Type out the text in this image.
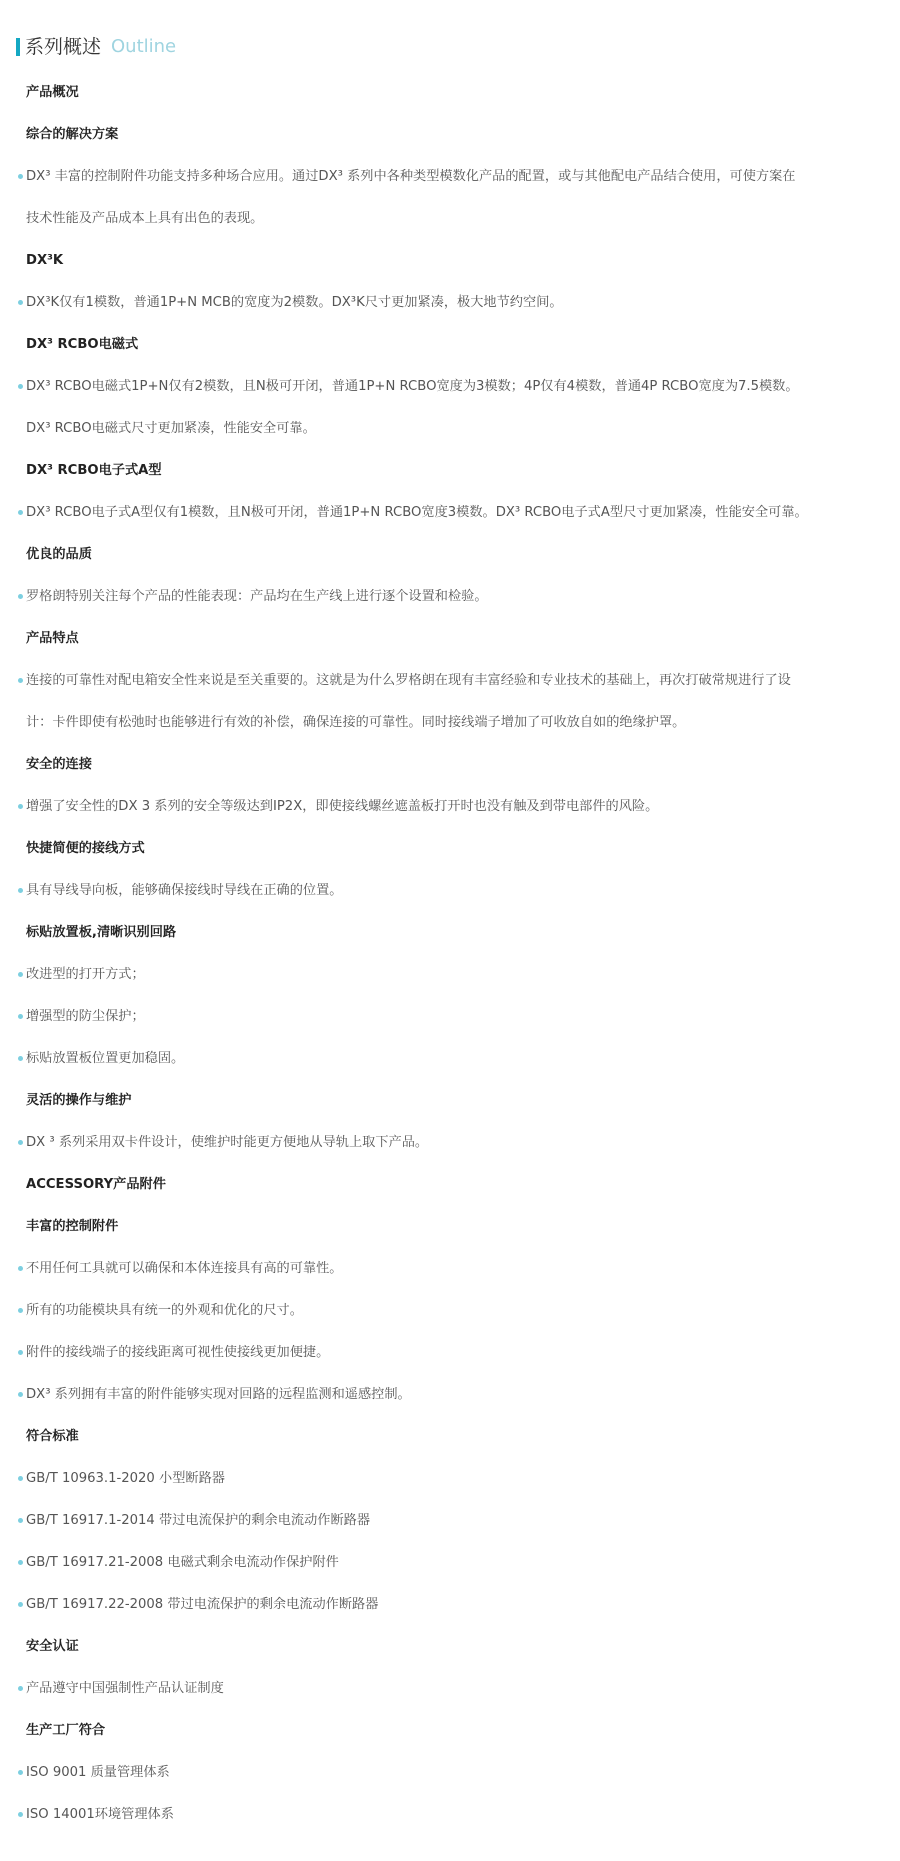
系列概述 Outline
产品概况
综合的解决方案
DX³ 丰富的控制附件功能支持多种场合应用。通过DX³ 系列中各种类型模数化产品的配置，或与其他配电产品结合使用，可使方案在
技术性能及产品成本上具有出色的表现。
DX³K
DX³K仅有1模数，普通1P+N MCB的宽度为2模数。DX³K尺寸更加紧凑，极大地节约空间。
DX³ RCBO电磁式
DX³ RCBO电磁式1P+N仅有2模数，且N极可开闭，普通1P+N RCBO宽度为3模数；4P仅有4模数，普通4P RCBO宽度为7.5模数。
DX³ RCBO电磁式尺寸更加紧凑，性能安全可靠。
DX³ RCBO电子式A型
DX³ RCBO电子式A型仅有1模数，且N极可开闭，普通1P+N RCBO宽度3模数。DX³ RCBO电子式A型尺寸更加紧凑，性能安全可靠。
优良的品质
罗格朗特别关注每个产品的性能表现：产品均在生产线上进行逐个设置和检验。
产品特点
连接的可靠性对配电箱安全性来说是至关重要的。这就是为什么罗格朗在现有丰富经验和专业技术的基础上，再次打破常规进行了设
计：卡件即使有松弛时也能够进行有效的补偿，确保连接的可靠性。同时接线端子增加了可收放自如的绝缘护罩。
安全的连接
增强了安全性的DX 3 系列的安全等级达到IP2X，即使接线螺丝遮盖板打开时也没有触及到带电部件的风险。
快捷简便的接线方式
具有导线导向板，能够确保接线时导线在正确的位置。
标贴放置板,清晰识别回路
改进型的打开方式；
增强型的防尘保护；
标贴放置板位置更加稳固。
灵活的操作与维护
DX ³ 系列采用双卡件设计，使维护时能更方便地从导轨上取下产品。
ACCESSORY产品附件
丰富的控制附件
不用任何工具就可以确保和本体连接具有高的可靠性。
所有的功能模块具有统一的外观和优化的尺寸。
附件的接线端子的接线距离可视性使接线更加便捷。
DX³ 系列拥有丰富的附件能够实现对回路的远程监测和遥感控制。
符合标准
GB/T 10963.1-2020 小型断路器
GB/T 16917.1-2014 带过电流保护的剩余电流动作断路器
GB/T 16917.21-2008 电磁式剩余电流动作保护附件
GB/T 16917.22-2008 带过电流保护的剩余电流动作断路器
安全认证
产品遵守中国强制性产品认证制度
生产工厂符合
ISO 9001 质量管理体系
ISO 14001环境管理体系
